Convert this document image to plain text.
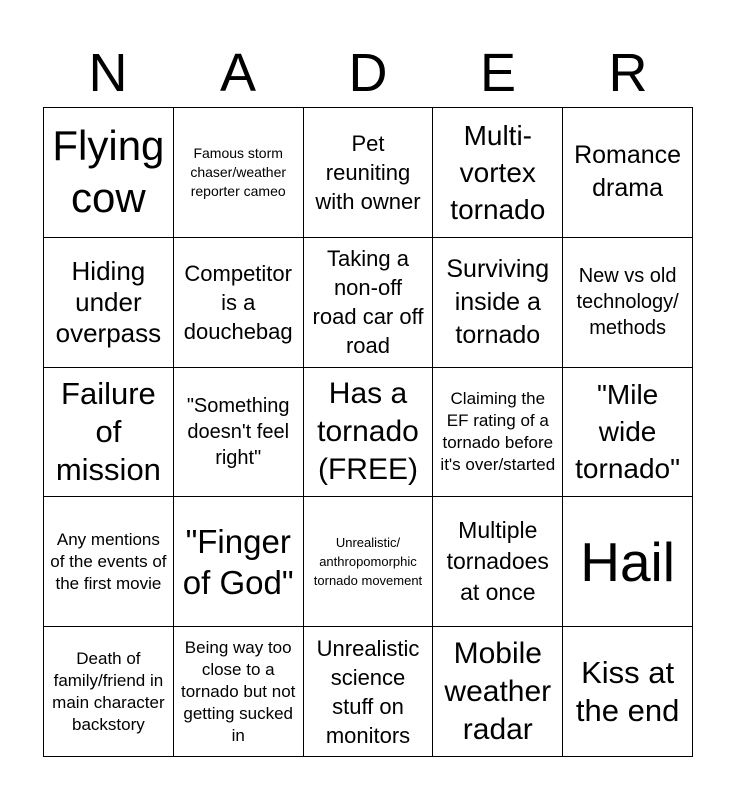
N	A	D	E	R
Flying cow
Famous storm chaser/weather reporter cameo
Pet reuniting with owner
Multi-vortex tornado
Romance drama
Hiding under overpass
Competitor is a douchebag
Taking a non-off road car off road
Surviving inside a tornado
New vs old technology/ methods
Failure of mission
"Something doesn't feel right"
Has a tornado (FREE)
Claiming the EF rating of a tornado before it's over/started
"Mile wide tornado"
Any mentions of the events of the first movie
"Finger of God"
Unrealistic/ anthropomorphic tornado movement
Multiple tornadoes at once Hail
Death of family/friend in main character backstory
Being way too close to a tornado but not getting sucked in
Unrealistic science stuff on monitors
Mobile weather radar
Kiss at the end
